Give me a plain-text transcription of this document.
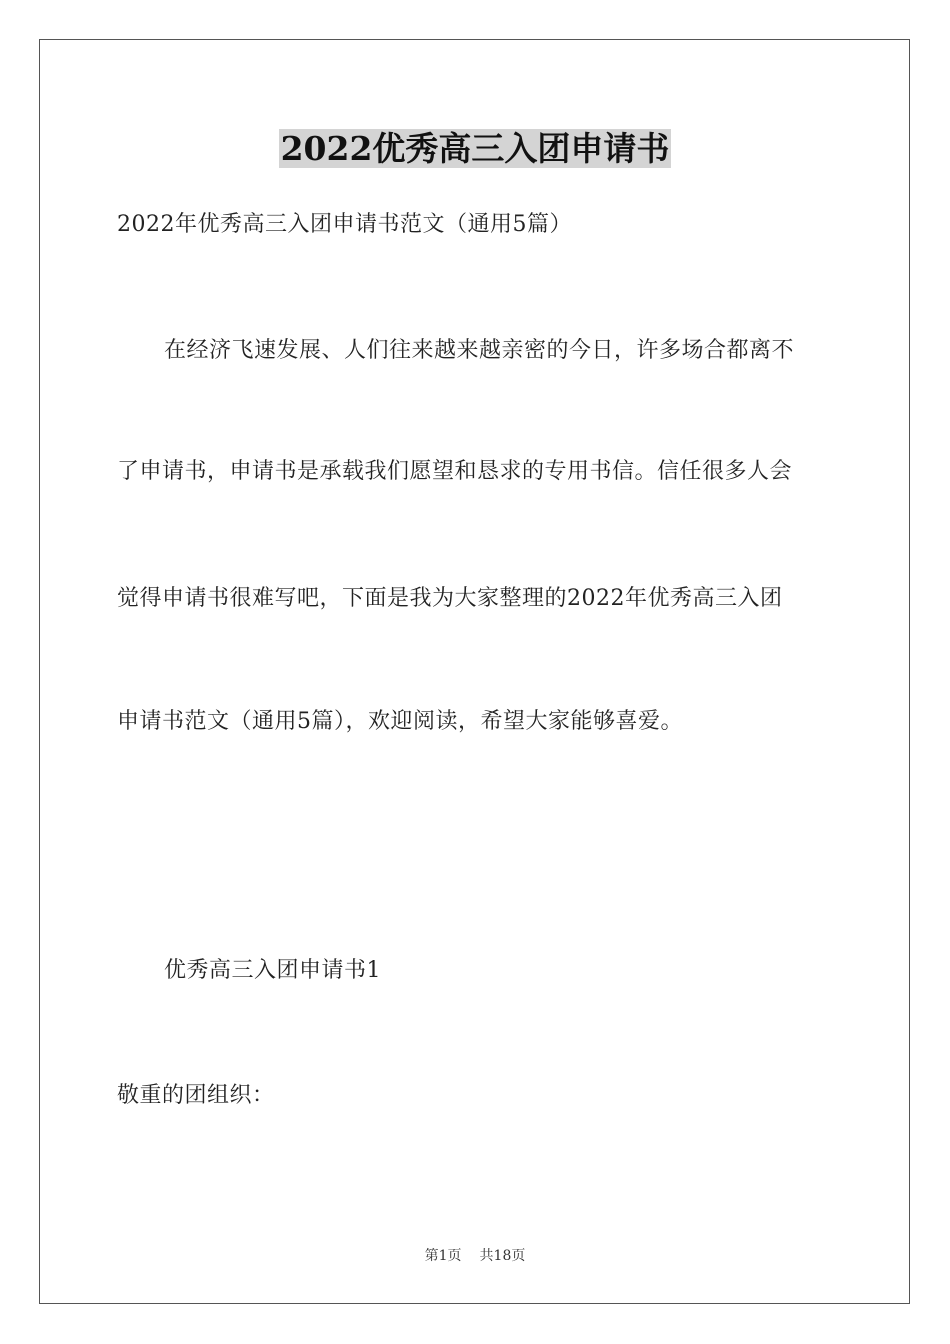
2022优秀高三入团申请书
2022年优秀高三入团申请书范文（通用5篇）
在经济飞速发展、人们往来越来越亲密的今日，许多场合都离不
了申请书，申请书是承载我们愿望和恳求的专用书信。信任很多人会
觉得申请书很难写吧，下面是我为大家整理的2022年优秀高三入团
申请书范文（通用5篇），欢迎阅读，希望大家能够喜爱。
优秀高三入团申请书1
敬重的团组织：
第1页 共18页
